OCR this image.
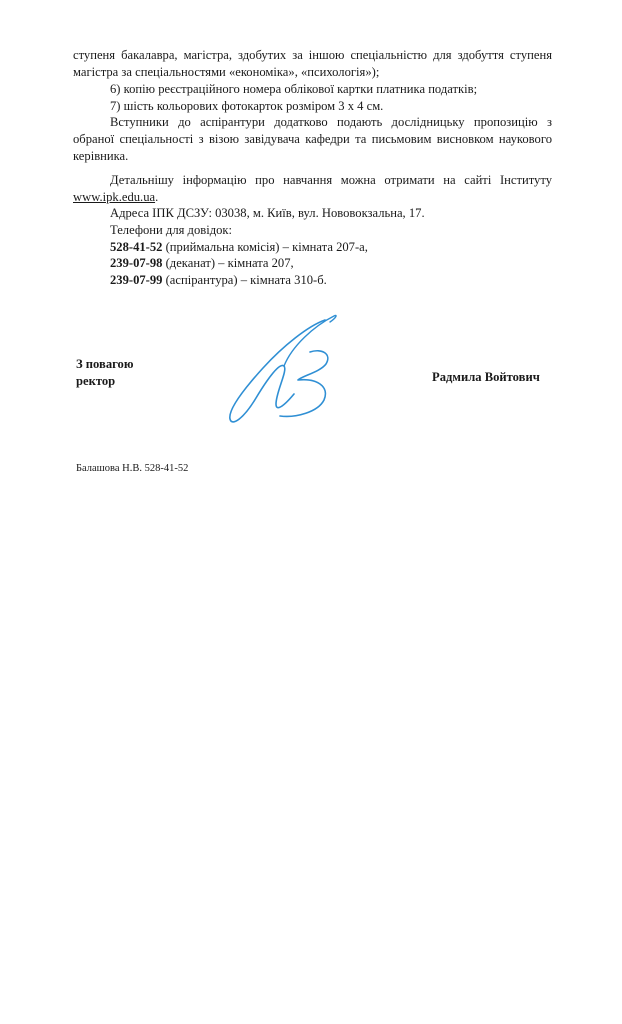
ступеня бакалавра, магістра, здобутих за іншою спеціальністю для здобуття ступеня
магістра за спеціальностями «економіка», «психологія»);
6) копію реєстраційного номера облікової картки платника податків;
7) шість кольорових фотокарток розміром 3 х 4 см.
Вступники до аспірантури додатково подають дослідницьку пропозицію з
обраної спеціальності з візою завідувача кафедри та письмовим висновком наукового
керівника.
Детальнішу інформацію про навчання можна отримати на сайті Інституту
www.ipk.edu.ua.
Адреса ІПК ДСЗУ: 03038, м. Київ, вул. Нововокзальна, 17.
Телефони для довідок:
528-41-52 (приймальна комісія) – кімната 207-а,
239-07-98 (деканат) – кімната 207,
239-07-99 (аспірантура) – кімната 310-б.
З повагою
ректор	Радмила Войтович
Балашова Н.В. 528-41-52
